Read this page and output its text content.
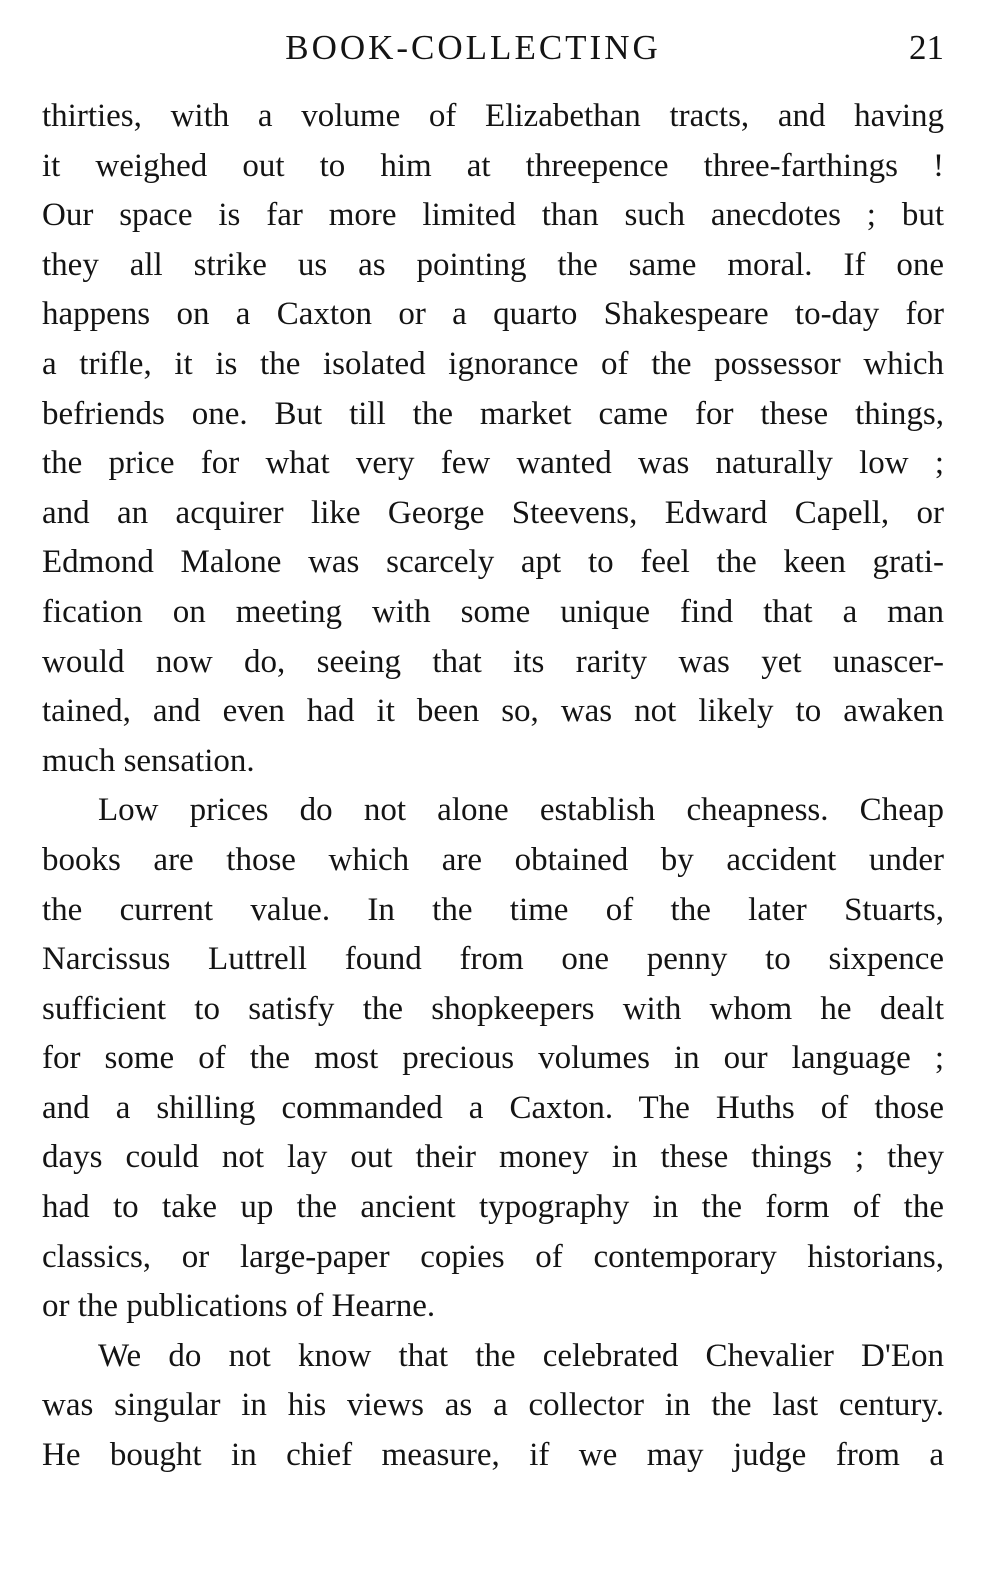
BOOK-COLLECTING	21
thirties, with a volume of Elizabethan tracts, and having
it weighed out to him at threepence three-farthings !
Our space is far more limited than such anecdotes ; but
they all strike us as pointing the same moral. If one
happens on a Caxton or a quarto Shakespeare to-day for
a trifle, it is the isolated ignorance of the possessor which
befriends one. But till the market came for these things,
the price for what very few wanted was naturally low ;
and an acquirer like George Steevens, Edward Capell, or
Edmond Malone was scarcely apt to feel the keen grati-
fication on meeting with some unique find that a man
would now do, seeing that its rarity was yet unascer-
tained, and even had it been so, was not likely to awaken
much sensation.
Low prices do not alone establish cheapness. Cheap
books are those which are obtained by accident under
the current value. In the time of the later Stuarts,
Narcissus Luttrell found from one penny to sixpence
sufficient to satisfy the shopkeepers with whom he dealt
for some of the most precious volumes in our language ;
and a shilling commanded a Caxton. The Huths of those
days could not lay out their money in these things ; they
had to take up the ancient typography in the form of the
classics, or large-paper copies of contemporary historians,
or the publications of Hearne.
We do not know that the celebrated Chevalier D'Eon
was singular in his views as a collector in the last century.
He bought in chief measure, if we may judge from a
